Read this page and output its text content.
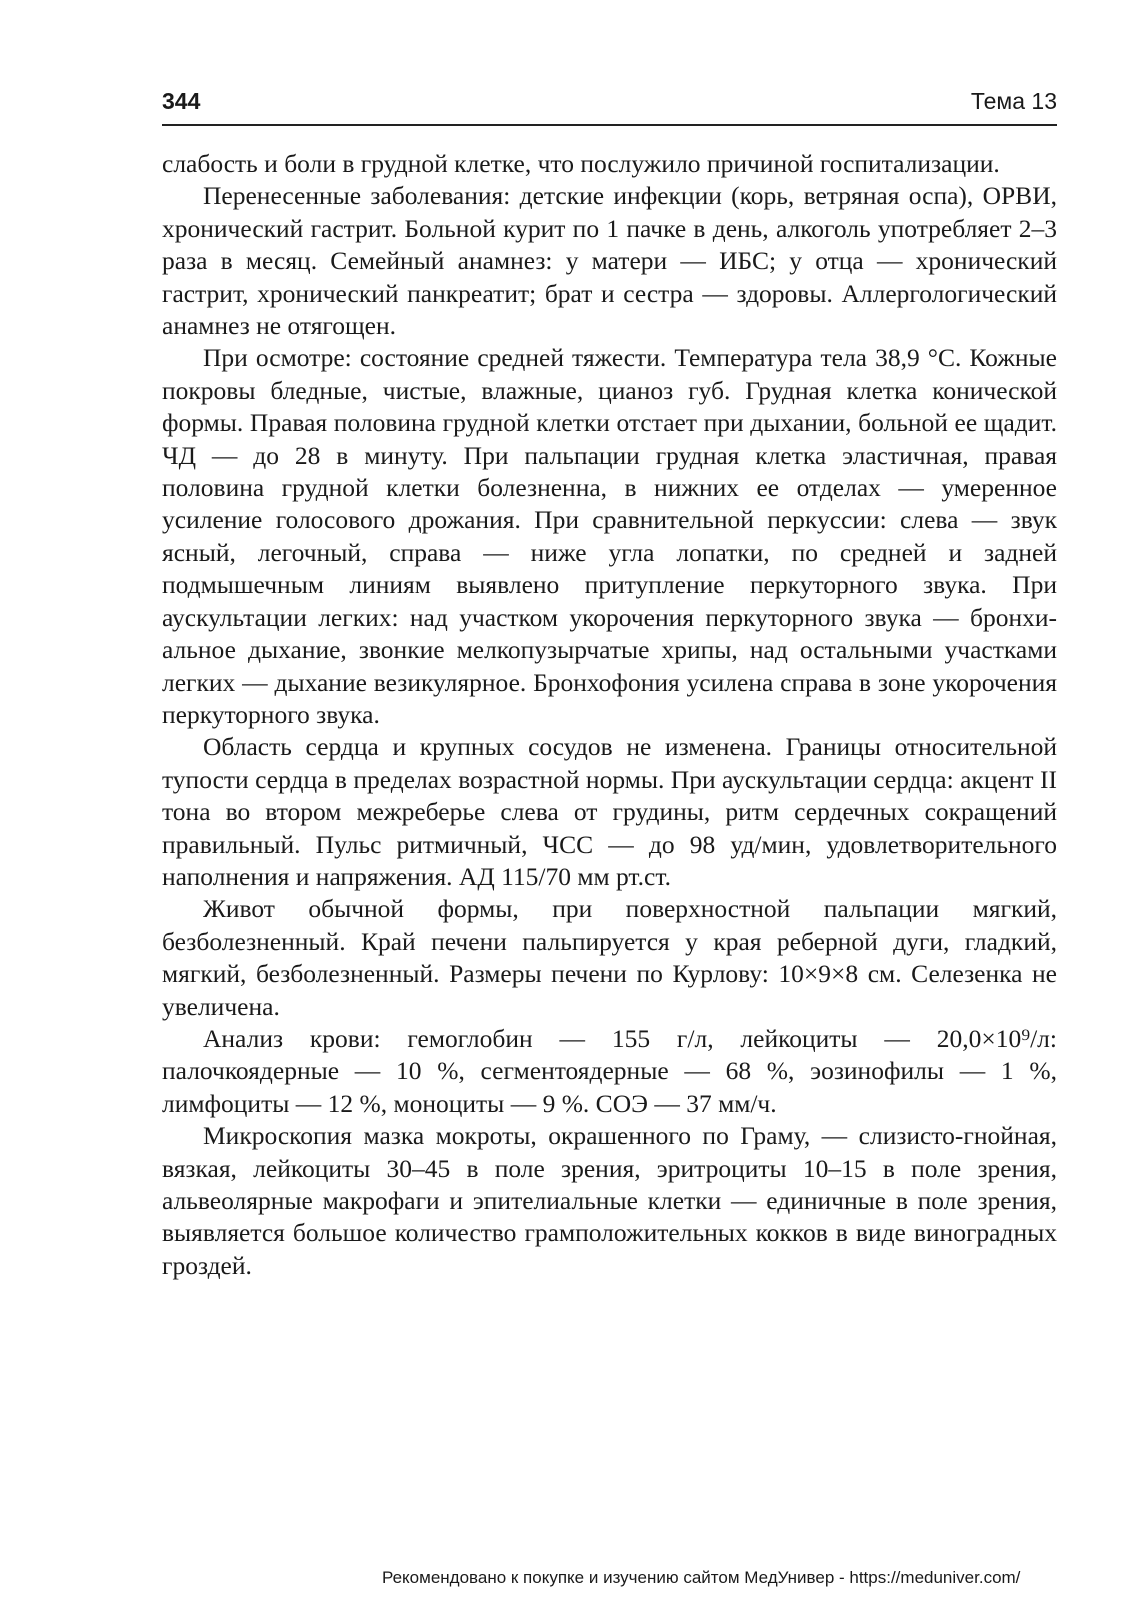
344	Тема 13

слабость и боли в грудной клетке, что послужило причиной госпитализации.

Перенесенные заболевания: детские инфекции (корь, ветряная оспа), ОРВИ, хронический гастрит. Больной курит по 1 пачке в день, алкоголь употребляет 2–3 раза в месяц. Семейный анамнез: у матери — ИБС; у отца — хронический гастрит, хронический панкреатит; брат и сестра — здоровы. Аллергологический анамнез не отягощен.

При осмотре: состояние средней тяжести. Температура тела 38,9 °С. Кожные покровы бледные, чистые, влажные, цианоз губ. Грудная клетка конической формы. Правая половина грудной клетки отстает при дыхании, больной ее щадит. ЧД — до 28 в минуту. При пальпации грудная клетка эластичная, правая половина грудной клетки болезненна, в нижних ее отделах — умеренное усиление голосового дрожания. При сравнительной перкуссии: слева — звук ясный, легочный, справа — ниже угла лопатки, по средней и задней подмышечным линиям выявлено притупление перкуторного звука. При аускультации легких: над участком укорочения перкуторного звука — бронхиальное дыхание, звонкие мелкопузырчатые хрипы, над остальными участками легких — дыхание везикулярное. Бронхофония усилена справа в зоне укорочения перкуторного звука.

Область сердца и крупных сосудов не изменена. Границы относительной тупости сердца в пределах возрастной нормы. При аускультации сердца: акцент II тона во втором межреберье слева от грудины, ритм сердечных сокращений правильный. Пульс ритмичный, ЧСС — до 98 уд/мин, удовлетворительного наполнения и напряжения. АД 115/70 мм рт.ст.

Живот обычной формы, при поверхностной пальпации мягкий, безболезненный. Край печени пальпируется у края реберной дуги, гладкий, мягкий, безболезненный. Размеры печени по Курлову: 10×9×8 см. Селезенка не увеличена.

Анализ крови: гемоглобин — 155 г/л, лейкоциты — 20,0×10⁹/л: палочкоядерные — 10 %, сегментоядерные — 68 %, эозинофилы — 1 %, лимфоциты — 12 %, моноциты — 9 %. СОЭ — 37 мм/ч.

Микроскопия мазка мокроты, окрашенного по Граму, — слизисто-гнойная, вязкая, лейкоциты 30–45 в поле зрения, эритроциты 10–15 в поле зрения, альвеолярные макрофаги и эпителиальные клетки — единичные в поле зрения, выявляется большое количество грамположительных кокков в виде виноградных гроздей.

Рекомендовано к покупке и изучению сайтом МедУнивер - https://meduniver.com/
